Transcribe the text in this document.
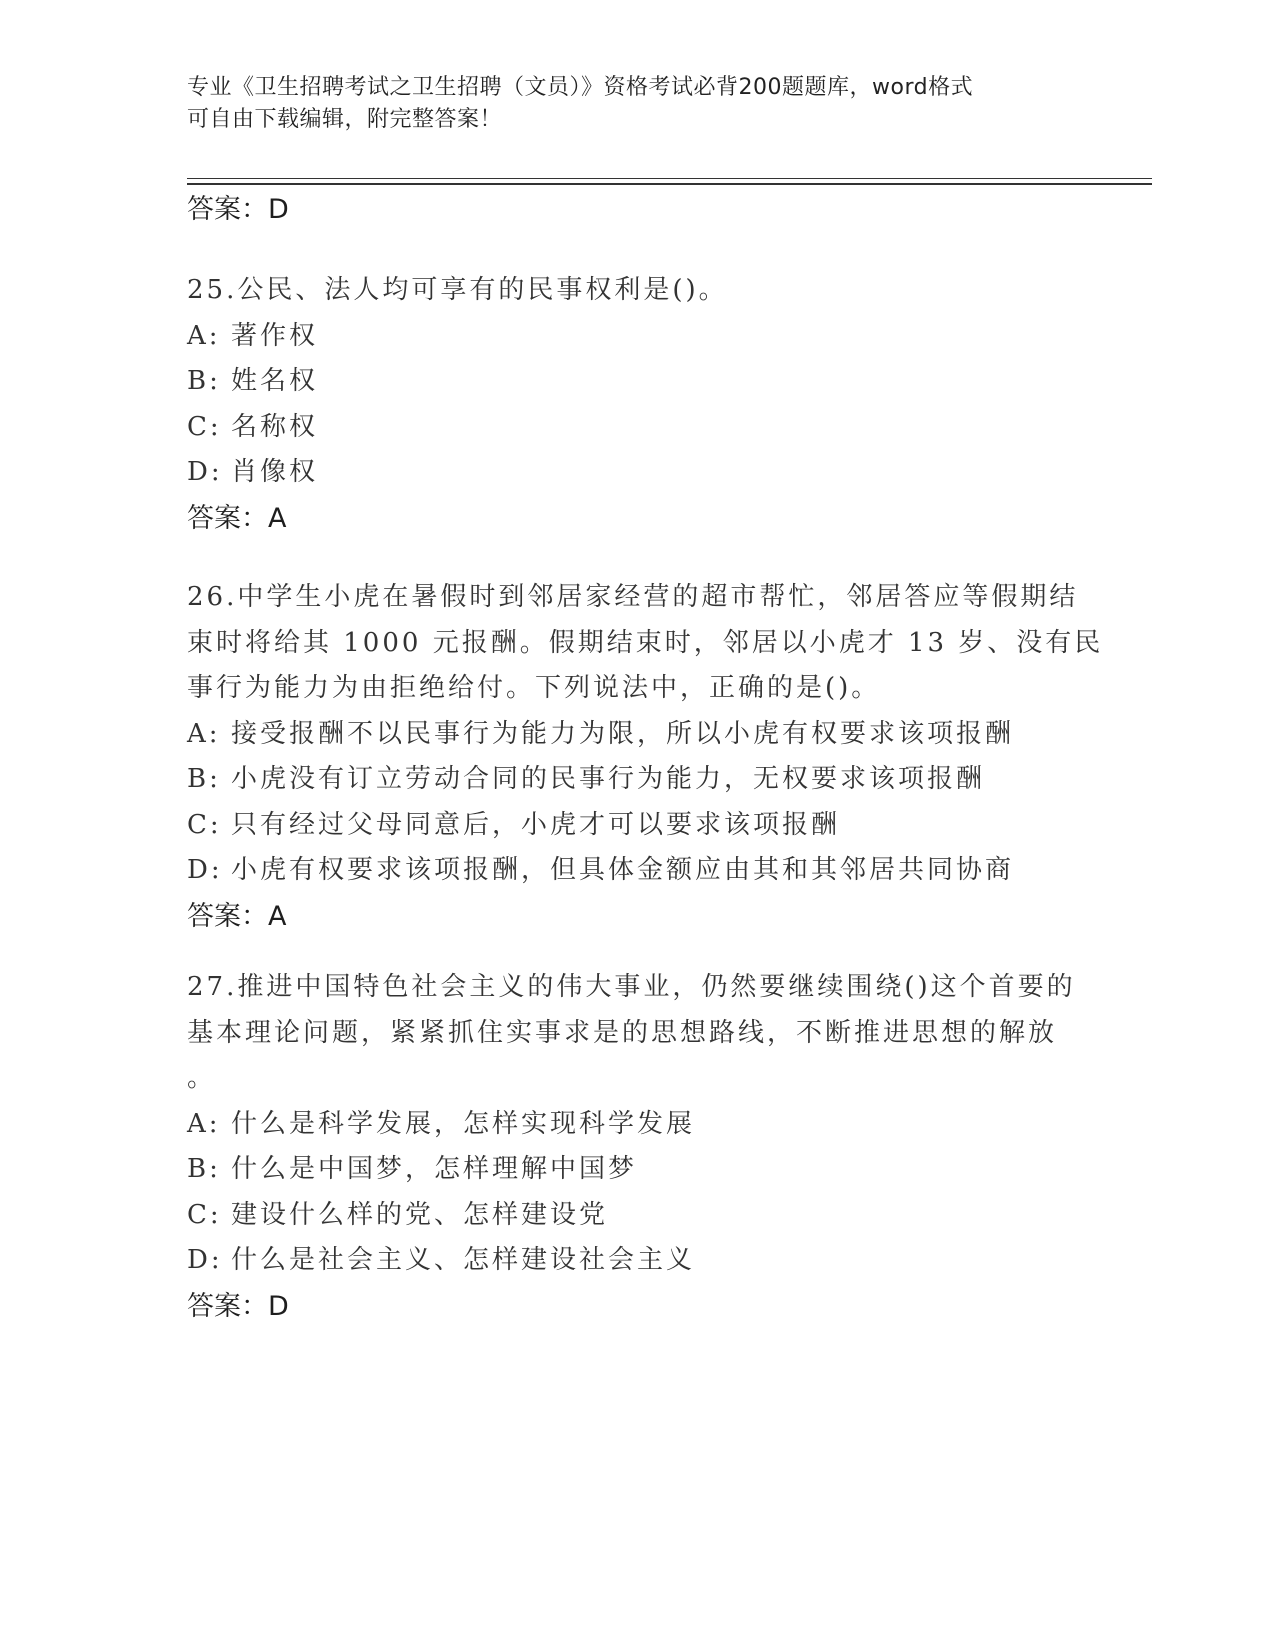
专业《卫生招聘考试之卫生招聘（文员）》资格考试必背200题题库，word格式
可自由下载编辑，附完整答案！
答案：D
25.公民、法人均可享有的民事权利是()。
A: 著作权
B: 姓名权
C: 名称权
D: 肖像权
答案：A
26.中学生小虎在暑假时到邻居家经营的超市帮忙，邻居答应等假期结
束时将给其 1000 元报酬。假期结束时，邻居以小虎才 13 岁、没有民
事行为能力为由拒绝给付。下列说法中，正确的是()。
A: 接受报酬不以民事行为能力为限，所以小虎有权要求该项报酬
B: 小虎没有订立劳动合同的民事行为能力，无权要求该项报酬
C: 只有经过父母同意后，小虎才可以要求该项报酬
D: 小虎有权要求该项报酬，但具体金额应由其和其邻居共同协商
答案：A
27.推进中国特色社会主义的伟大事业，仍然要继续围绕()这个首要的
基本理论问题，紧紧抓住实事求是的思想路线，不断推进思想的解放
。
A: 什么是科学发展，怎样实现科学发展
B: 什么是中国梦，怎样理解中国梦
C: 建设什么样的党、怎样建设党
D: 什么是社会主义、怎样建设社会主义
答案：D
